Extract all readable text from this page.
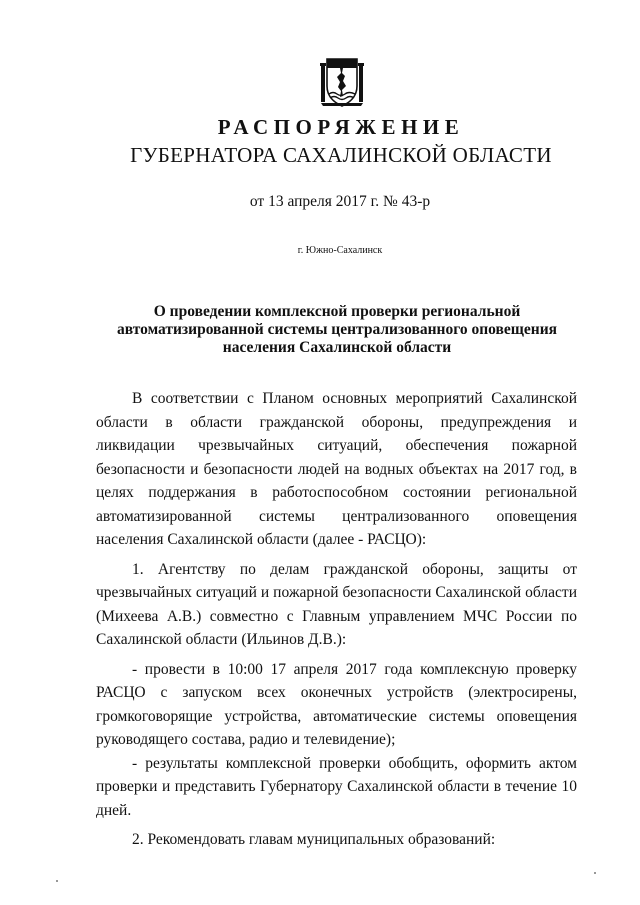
РАСПОРЯЖЕНИЕ
ГУБЕРНАТОРА САХАЛИНСКОЙ ОБЛАСТИ
от 13 апреля 2017 г. № 43-р
г. Южно-Сахалинск
О проведении комплексной проверки региональной
автоматизированной системы централизованного оповещения
населения Сахалинской области

В соответствии с Планом основных мероприятий Сахалинской области в области гражданской обороны, предупреждения и ликвидации чрезвычайных ситуаций, обеспечения пожарной безопасности и безопасности людей на водных объектах на 2017 год, в целях поддержания в работоспособном состоянии региональной автоматизированной системы централизованного оповещения населения Сахалинской области (далее - РАСЦО):

1. Агентству по делам гражданской обороны, защиты от чрезвычайных ситуаций и пожарной безопасности Сахалинской области (Михеева А.В.) совместно с Главным управлением МЧС России по Сахалинской области (Ильинов Д.В.):

- провести в 10:00 17 апреля 2017 года комплексную проверку РАСЦО с запуском всех оконечных устройств (электросирены, громкоговорящие устройства, автоматические системы оповещения руководящего состава, радио и телевидение);

- результаты комплексной проверки обобщить, оформить актом проверки и представить Губернатору Сахалинской области в течение 10 дней.

2. Рекомендовать главам муниципальных образований:
